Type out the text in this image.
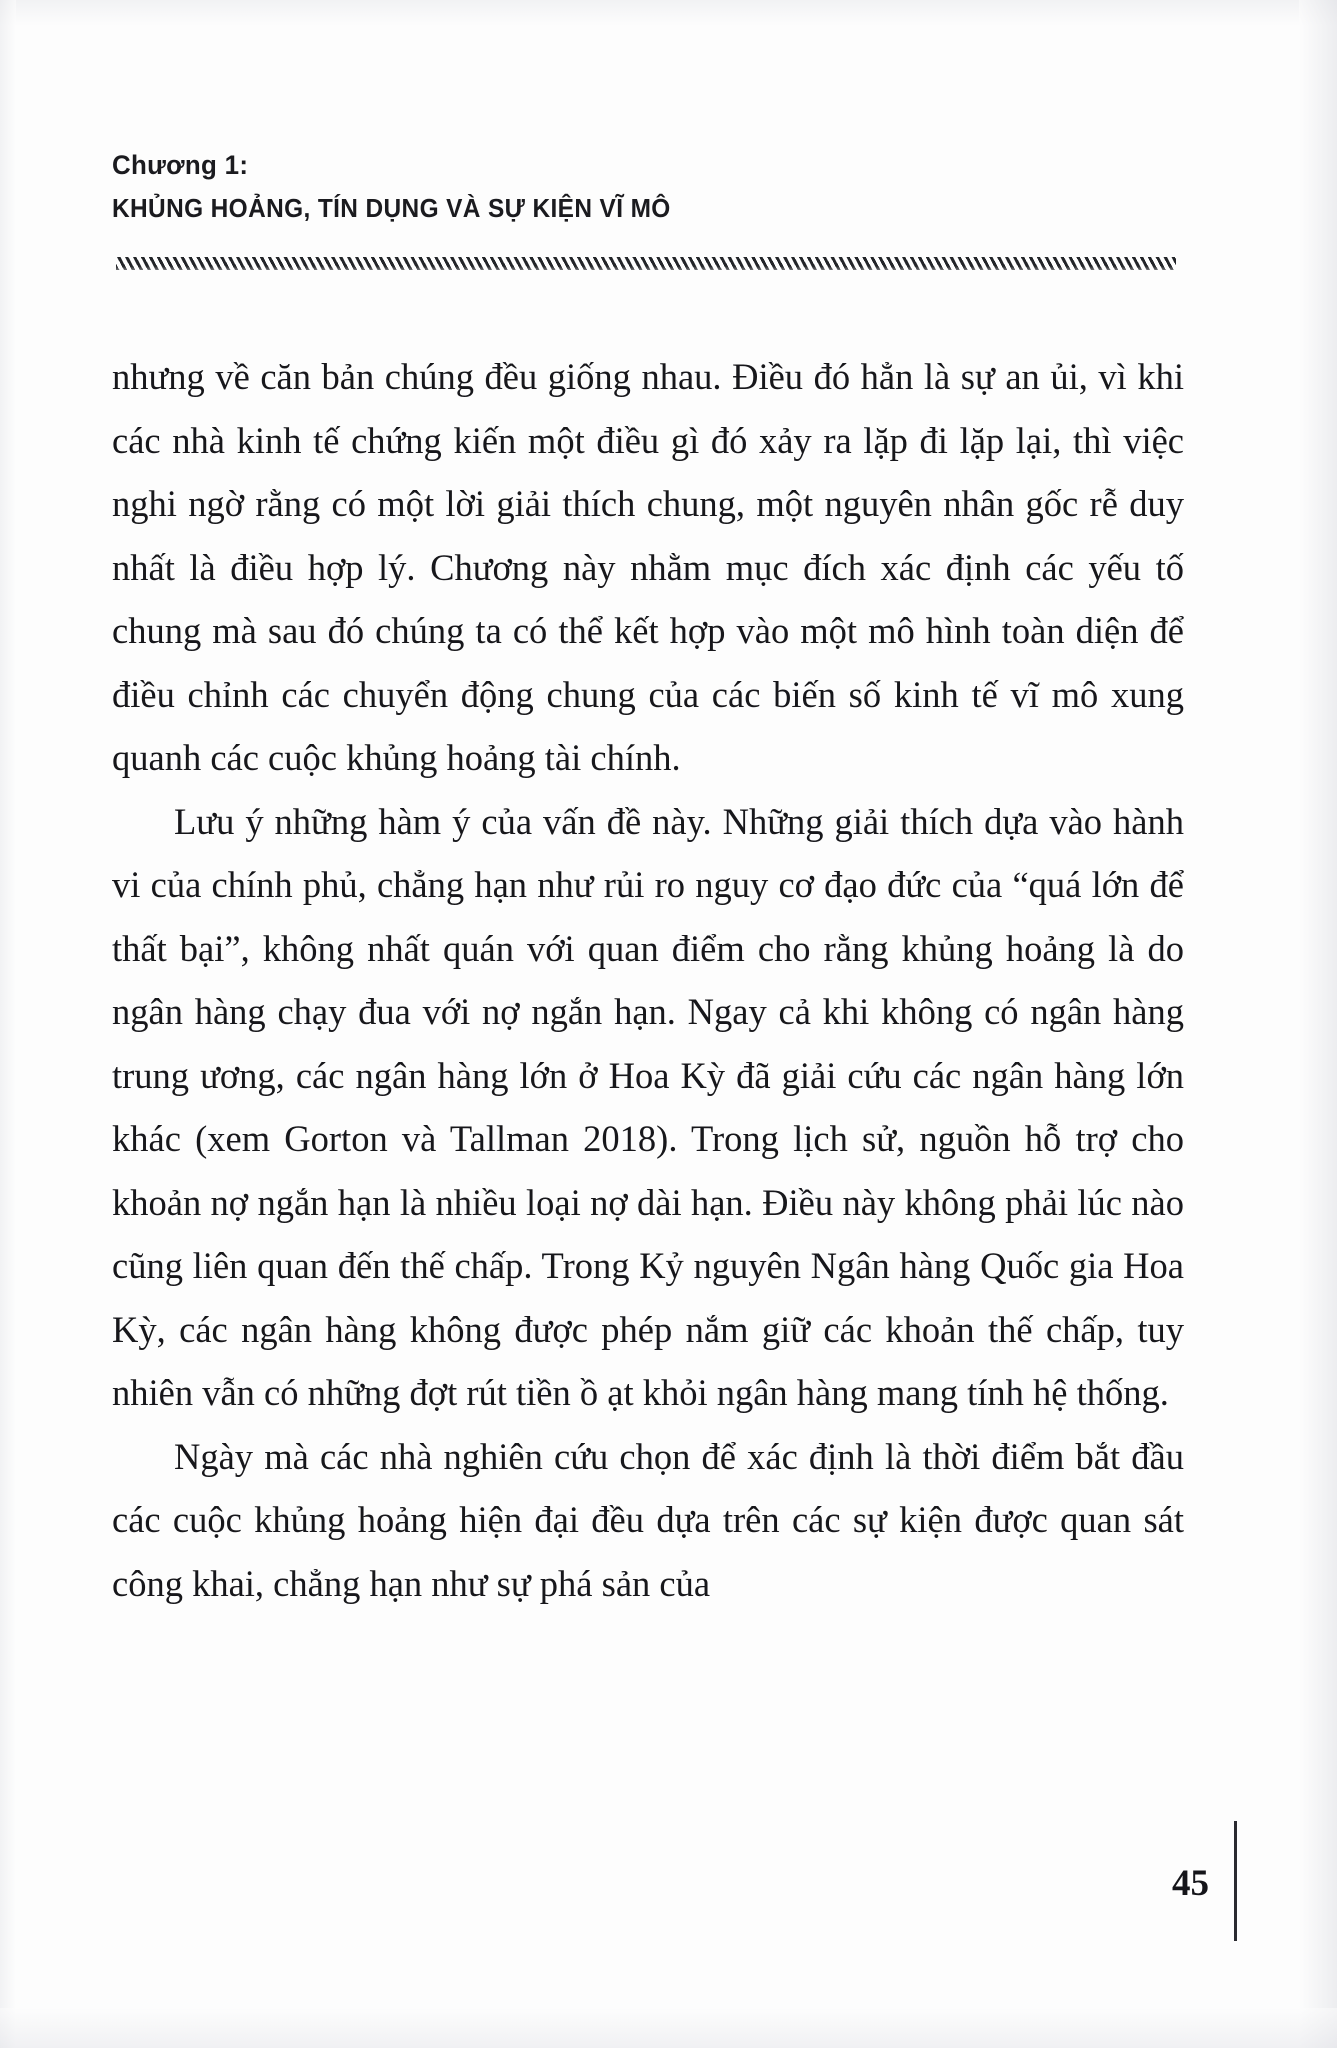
Chương 1:
KHỦNG HOẢNG, TÍN DỤNG VÀ SỰ KIỆN VĨ MÔ

nhưng về căn bản chúng đều giống nhau. Điều đó hẳn là sự an ủi, vì khi các nhà kinh tế chứng kiến một điều gì đó xảy ra lặp đi lặp lại, thì việc nghi ngờ rằng có một lời giải thích chung, một nguyên nhân gốc rễ duy nhất là điều hợp lý. Chương này nhằm mục đích xác định các yếu tố chung mà sau đó chúng ta có thể kết hợp vào một mô hình toàn diện để điều chỉnh các chuyển động chung của các biến số kinh tế vĩ mô xung quanh các cuộc khủng hoảng tài chính.

Lưu ý những hàm ý của vấn đề này. Những giải thích dựa vào hành vi của chính phủ, chẳng hạn như rủi ro nguy cơ đạo đức của “quá lớn để thất bại”, không nhất quán với quan điểm cho rằng khủng hoảng là do ngân hàng chạy đua với nợ ngắn hạn. Ngay cả khi không có ngân hàng trung ương, các ngân hàng lớn ở Hoa Kỳ đã giải cứu các ngân hàng lớn khác (xem Gorton và Tallman 2018). Trong lịch sử, nguồn hỗ trợ cho khoản nợ ngắn hạn là nhiều loại nợ dài hạn. Điều này không phải lúc nào cũng liên quan đến thế chấp. Trong Kỷ nguyên Ngân hàng Quốc gia Hoa Kỳ, các ngân hàng không được phép nắm giữ các khoản thế chấp, tuy nhiên vẫn có những đợt rút tiền ồ ạt khỏi ngân hàng mang tính hệ thống.

Ngày mà các nhà nghiên cứu chọn để xác định là thời điểm bắt đầu các cuộc khủng hoảng hiện đại đều dựa trên các sự kiện được quan sát công khai, chẳng hạn như sự phá sản của

45
